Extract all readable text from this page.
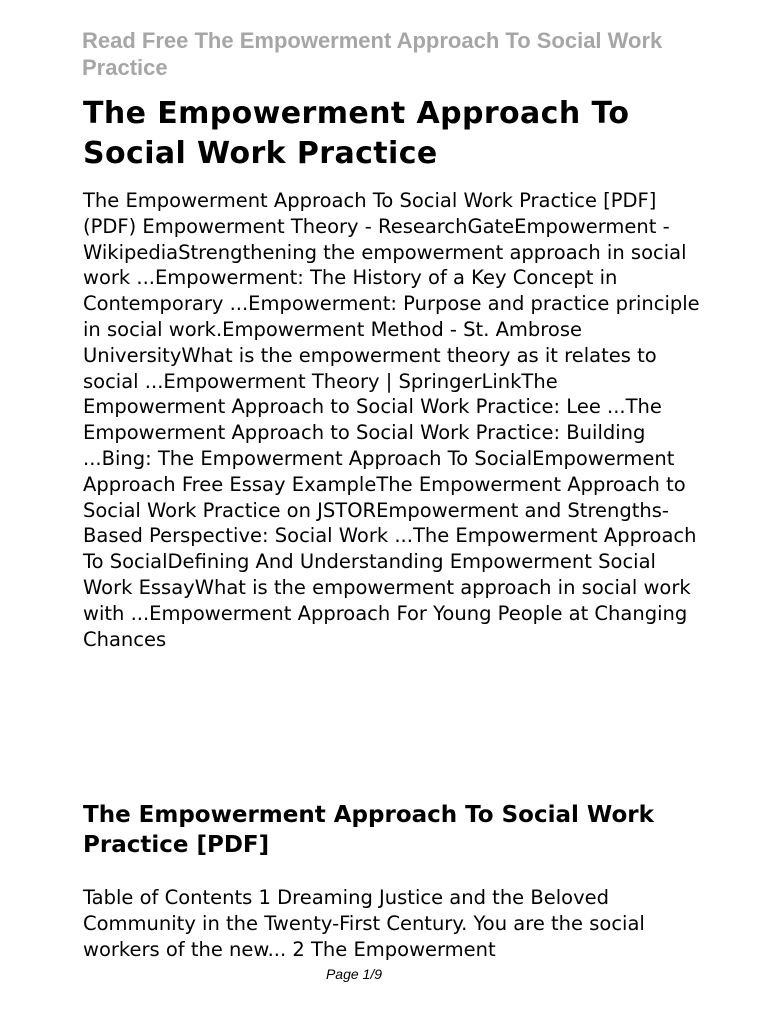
Read Free The Empowerment Approach To Social Work Practice

The Empowerment Approach To Social Work Practice

The Empowerment Approach To Social Work Practice [PDF](PDF) Empowerment Theory - ResearchGateEmpowerment - WikipediaStrengthening the empowerment approach in social work ...Empowerment: The History of a Key Concept in Contemporary ...Empowerment: Purpose and practice principle in social work.Empowerment Method - St. Ambrose UniversityWhat is the empowerment theory as it relates to social ...Empowerment Theory | SpringerLinkThe Empowerment Approach to Social Work Practice: Lee ...The Empowerment Approach to Social Work Practice: Building ...Bing: The Empowerment Approach To SocialEmpowerment Approach Free Essay ExampleThe Empowerment Approach to Social Work Practice on JSTOREmpowerment and Strengths-Based Perspective: Social Work ...The Empowerment Approach To SocialDefining And Understanding Empowerment Social Work EssayWhat is the empowerment approach in social work with ...Empowerment Approach For Young People at Changing Chances

The Empowerment Approach To Social Work Practice [PDF]

Table of Contents 1 Dreaming Justice and the Beloved Community in the Twenty-First Century. You are the social workers of the new... 2 The Empowerment

Page 1/9
